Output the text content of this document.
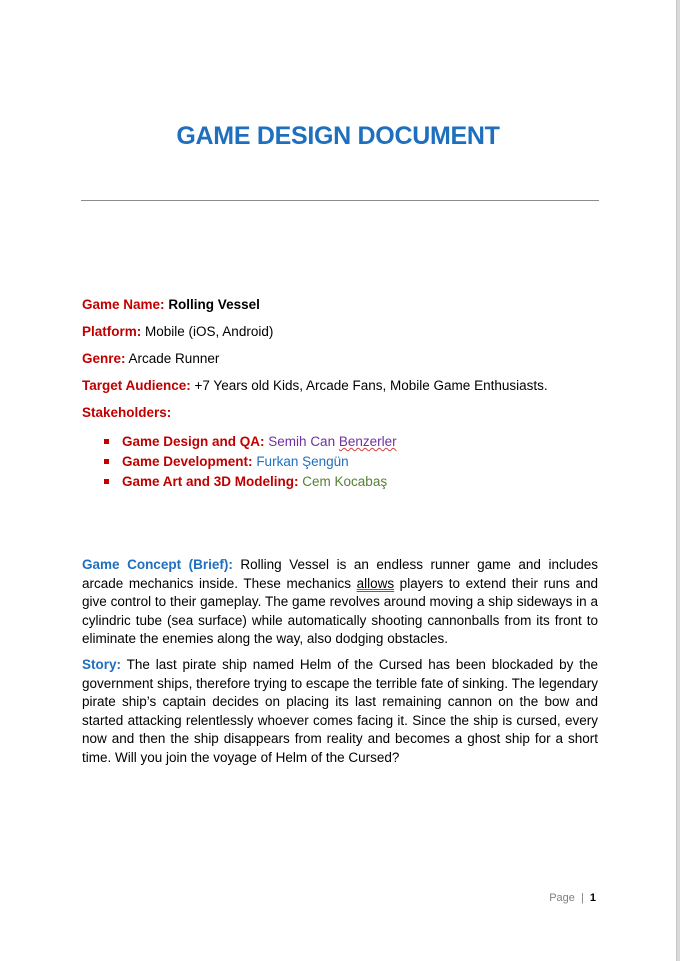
GAME DESIGN DOCUMENT
Game Name: Rolling Vessel
Platform: Mobile (iOS, Android)
Genre: Arcade Runner
Target Audience: +7 Years old Kids, Arcade Fans, Mobile Game Enthusiasts.
Stakeholders:
Game Design and QA: Semih Can Benzerler
Game Development: Furkan Şengün
Game Art and 3D Modeling: Cem Kocabaş
Game Concept (Brief): Rolling Vessel is an endless runner game and includes arcade mechanics inside. These mechanics allows players to extend their runs and give control to their gameplay. The game revolves around moving a ship sideways in a cylindric tube (sea surface) while automatically shooting cannonballs from its front to eliminate the enemies along the way, also dodging obstacles.
Story: The last pirate ship named Helm of the Cursed has been blockaded by the government ships, therefore trying to escape the terrible fate of sinking. The legendary pirate ship’s captain decides on placing its last remaining cannon on the bow and started attacking relentlessly whoever comes facing it. Since the ship is cursed, every now and then the ship disappears from reality and becomes a ghost ship for a short time. Will you join the voyage of Helm of the Cursed?
Page | 1
